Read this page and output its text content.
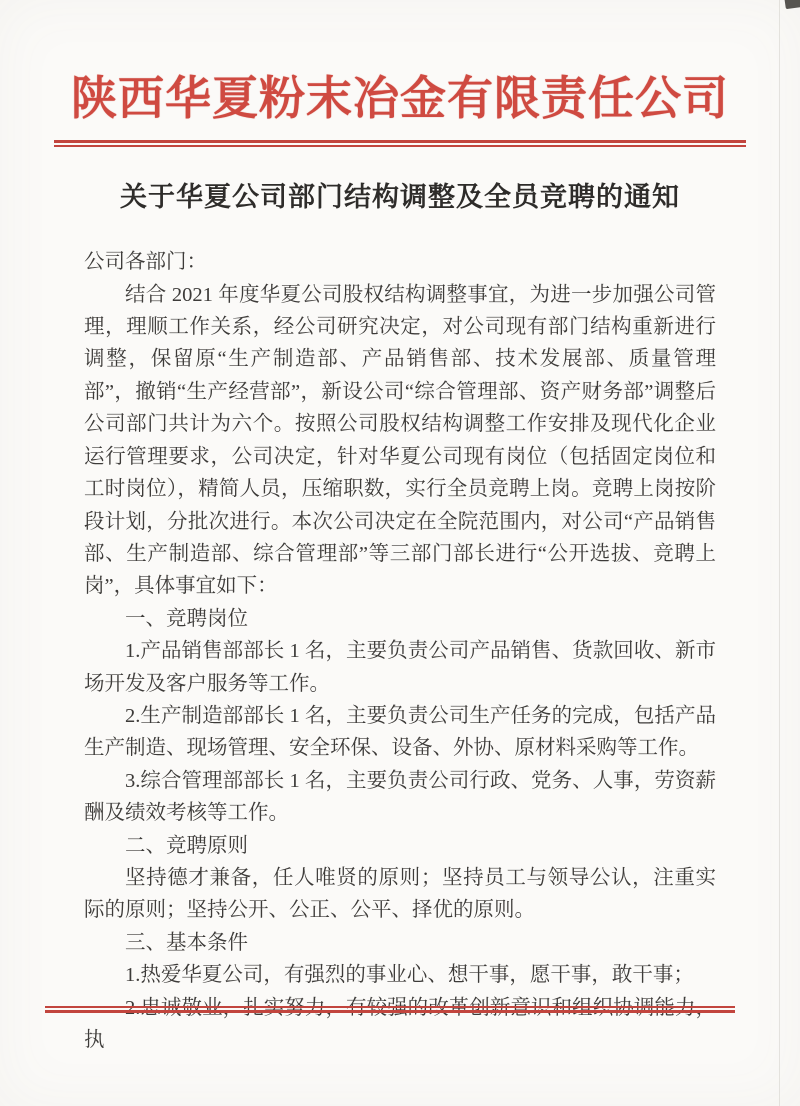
陕西华夏粉末冶金有限责任公司
关于华夏公司部门结构调整及全员竞聘的通知

公司各部门：

结合 2021 年度华夏公司股权结构调整事宜，为进一步加强公司管理，理顺工作关系，经公司研究决定，对公司现有部门结构重新进行调整，保留原“生产制造部、产品销售部、技术发展部、质量管理部”，撤销“生产经营部”，新设公司“综合管理部、资产财务部”调整后公司部门共计为六个。按照公司股权结构调整工作安排及现代化企业运行管理要求，公司决定，针对华夏公司现有岗位（包括固定岗位和工时岗位），精简人员，压缩职数，实行全员竞聘上岗。竞聘上岗按阶段计划，分批次进行。本次公司决定在全院范围内，对公司“产品销售部、生产制造部、综合管理部”等三部门部长进行“公开选拔、竞聘上岗”，具体事宜如下：

一、竞聘岗位

1.产品销售部部长 1 名，主要负责公司产品销售、货款回收、新市场开发及客户服务等工作。

2.生产制造部部长 1 名，主要负责公司生产任务的完成，包括产品生产制造、现场管理、安全环保、设备、外协、原材料采购等工作。

3.综合管理部部长 1 名，主要负责公司行政、党务、人事，劳资薪酬及绩效考核等工作。

二、竞聘原则

坚持德才兼备，任人唯贤的原则；坚持员工与领导公认，注重实际的原则；坚持公开、公正、公平、择优的原则。

三、基本条件

1.热爱华夏公司，有强烈的事业心、想干事，愿干事，敢干事；

2.忠诚敬业，扎实努力，有较强的改革创新意识和组织协调能力，执
